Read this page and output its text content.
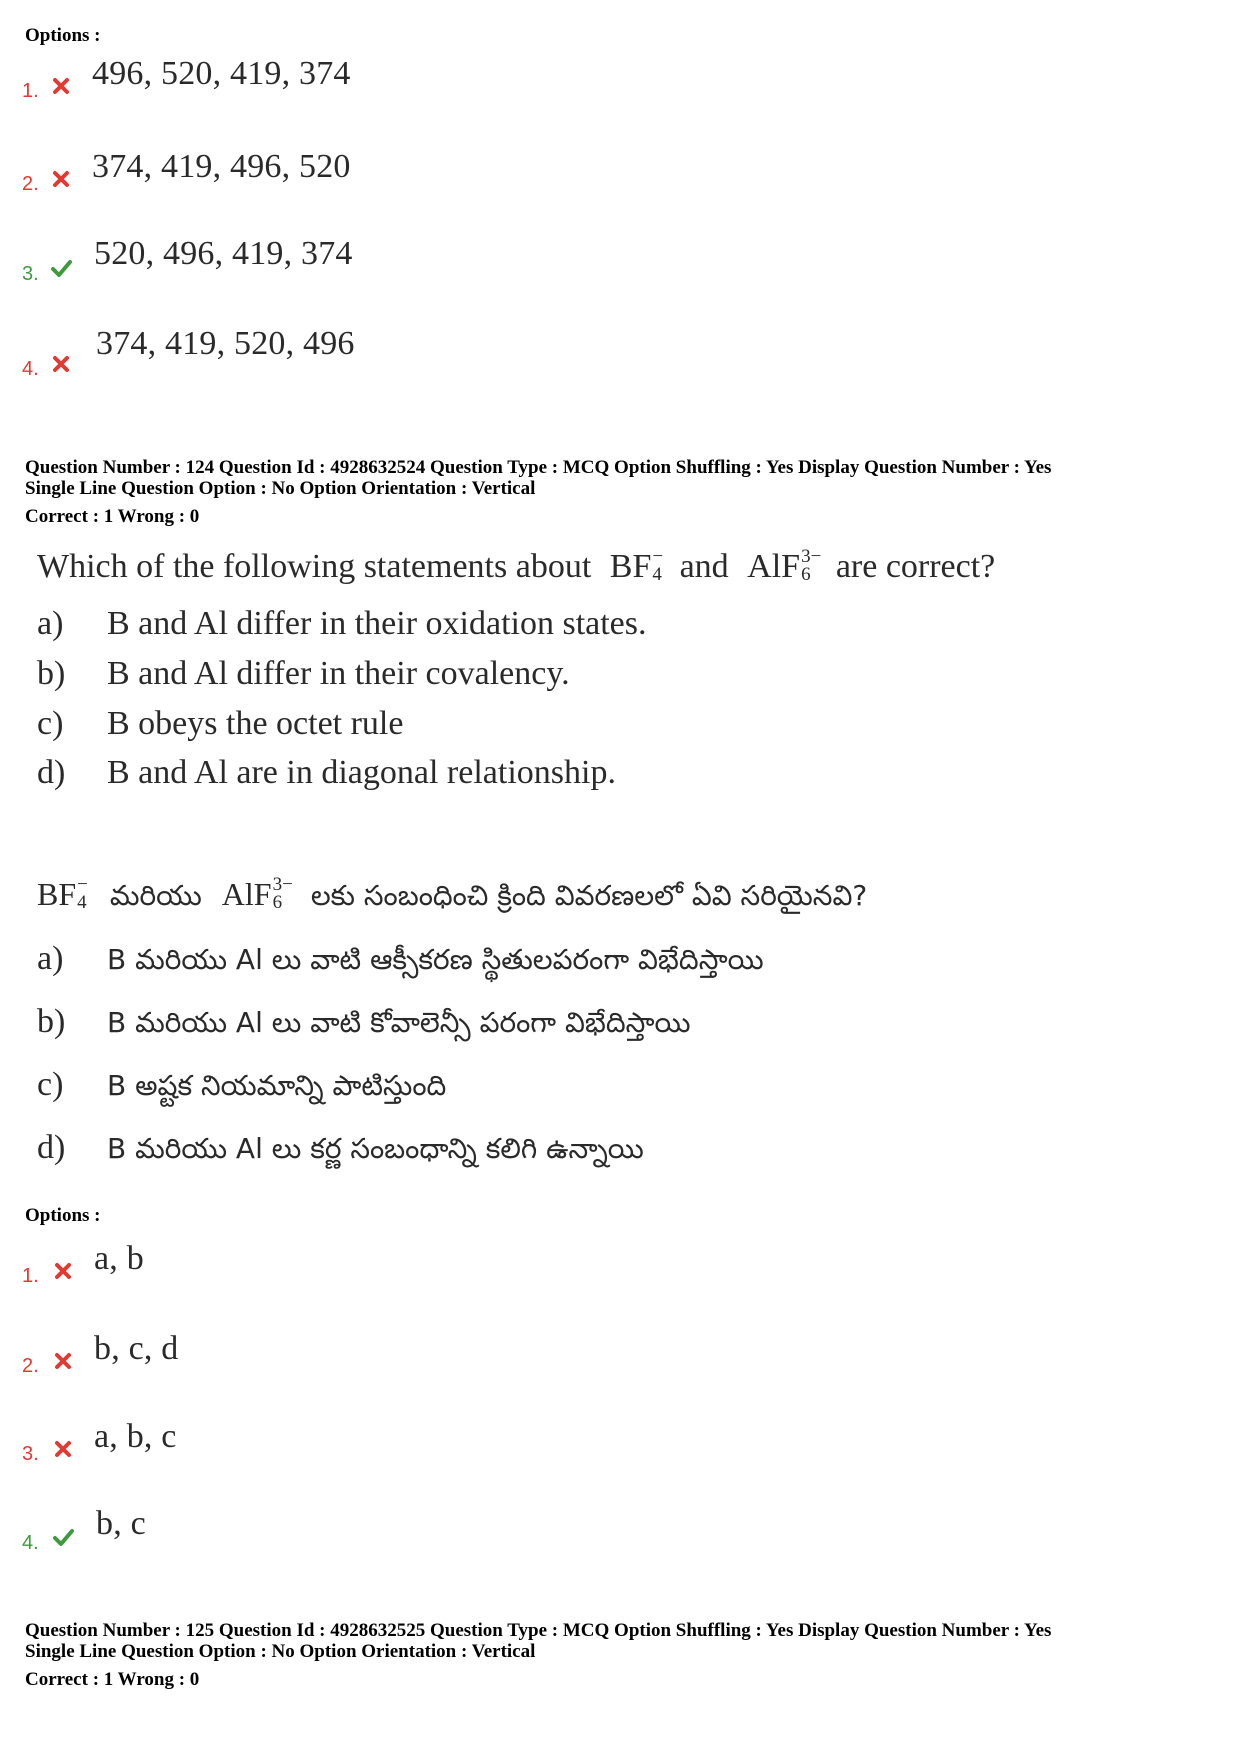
Options :
1. 496, 520, 419, 374
2. 374, 419, 496, 520
3.
520, 496, 419, 374
4.
374, 419, 520, 496
Question Number : 124 Question Id : 4928632524 Question Type : MCQ Option Shuffling : Yes Display Question Number : Yes
Single Line Question Option : No Option Orientation : Vertical
Correct : 1 Wrong : 0
Which of the following statements about BF −
4 and AlF 3−
6 are correct?
a) B and Al differ in their oxidation states.
b) B and Al differ in their covalency.
c) B obeys the octet rule
d) B and Al are in diagonal relationship.
BF −
4 మరియు AlF 3−
6	లకు సంబంధించి క్రింది వివరణలలో ఏవి సరియైనవి?
a) B మరియు Al లు వాటి ఆక్సీకరణ స్థితులపరంగా విభేదిస్తాయి
b) B మరియు Al లు వాటి కోవాలెన్సీ పరంగా విభేదిస్తాయి
c) B అష్టక నియమాన్ని పాటిస్తుంది
d) B మరియు Al లు కర్ణ సంబంధాన్ని కలిగి ఉన్నాయి
Options :
1. a, b
2. b, c, d
3. a, b, c
4.
b, c
Question Number : 125 Question Id : 4928632525 Question Type : MCQ Option Shuffling : Yes Display Question Number : Yes
Single Line Question Option : No Option Orientation : Vertical
Correct : 1 Wrong : 0
